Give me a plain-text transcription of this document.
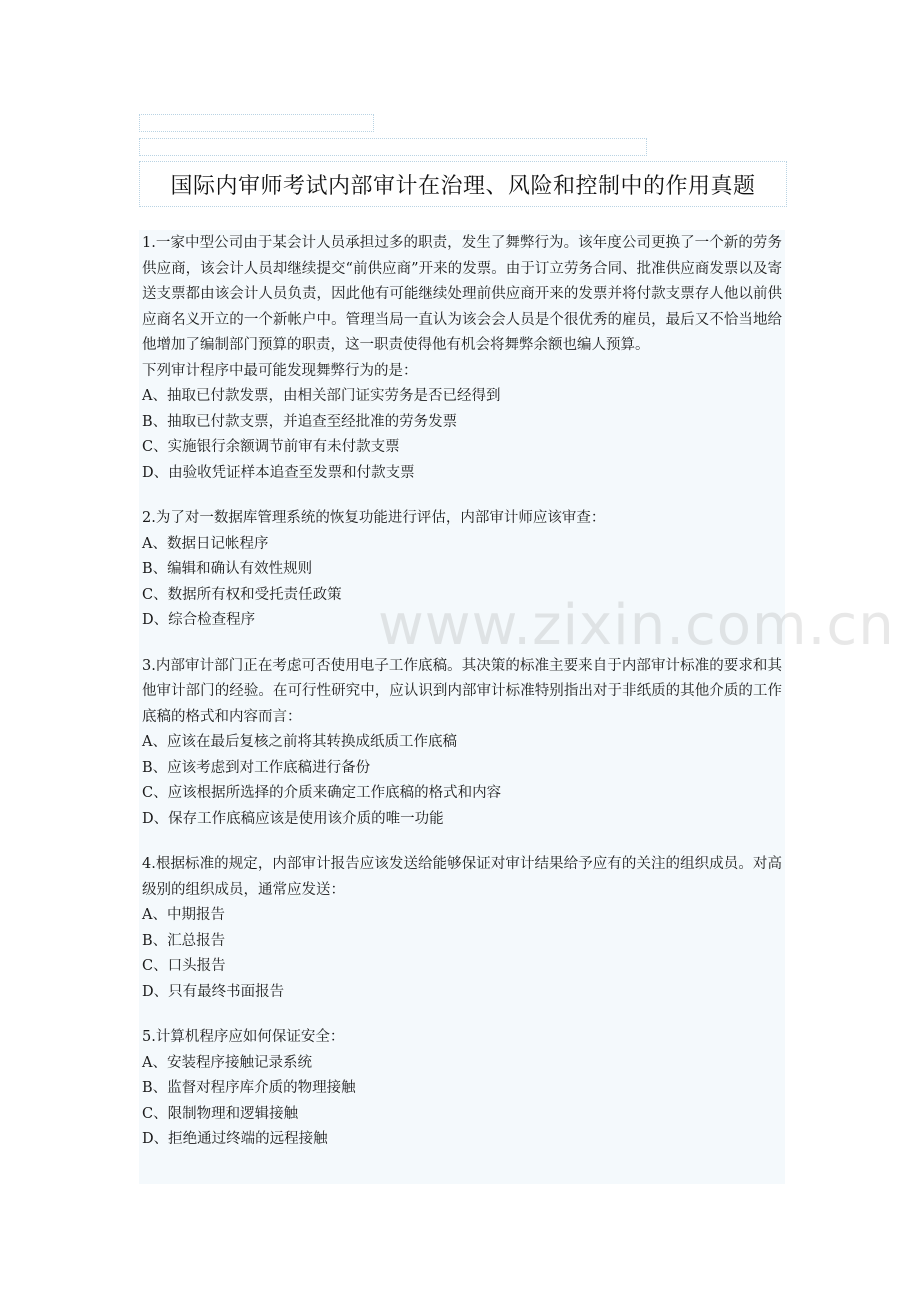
国际内审师考试内部审计在治理、风险和控制中的作用真题

1.一家中型公司由于某会计人员承担过多的职责，发生了舞弊行为。该年度公司更换了一个新的劳务供应商，该会计人员却继续提交“前供应商”开来的发票。由于订立劳务合同、批准供应商发票以及寄送支票都由该会计人员负责，因此他有可能继续处理前供应商开来的发票并将付款支票存人他以前供应商名义开立的一个新帐户中。管理当局一直认为该会会人员是个很优秀的雇员，最后又不恰当地给他增加了编制部门预算的职责，这一职责使得他有机会将舞弊余额也编人预算。

下列审计程序中最可能发现舞弊行为的是：

A、抽取已付款发票，由相关部门证实劳务是否已经得到

B、抽取已付款支票，并追查至经批准的劳务发票

C、实施银行余额调节前审有未付款支票

D、由验收凭证样本追查至发票和付款支票

2.为了对一数据库管理系统的恢复功能进行评估，内部审计师应该审查：

A、数据日记帐程序

B、编辑和确认有效性规则

C、数据所有权和受托责任政策

D、综合检查程序

3.内部审计部门正在考虑可否使用电子工作底稿。其决策的标准主要来自于内部审计标准的要求和其他审计部门的经验。在可行性研究中，应认识到内部审计标准特别指出对于非纸质的其他介质的工作底稿的格式和内容而言：

A、应该在最后复核之前将其转换成纸质工作底稿

B、应该考虑到对工作底稿进行备份

C、应该根据所选择的介质来确定工作底稿的格式和内容

D、保存工作底稿应该是使用该介质的唯一功能

4.根据标准的规定，内部审计报告应该发送给能够保证对审计结果给予应有的关注的组织成员。对高级别的组织成员，通常应发送：

A、中期报告

B、汇总报告

C、口头报告

D、只有最终书面报告

5.计算机程序应如何保证安全：

A、安装程序接触记录系统

B、监督对程序库介质的物理接触

C、限制物理和逻辑接触

D、拒绝通过终端的远程接触

www.zixin.com.cn
